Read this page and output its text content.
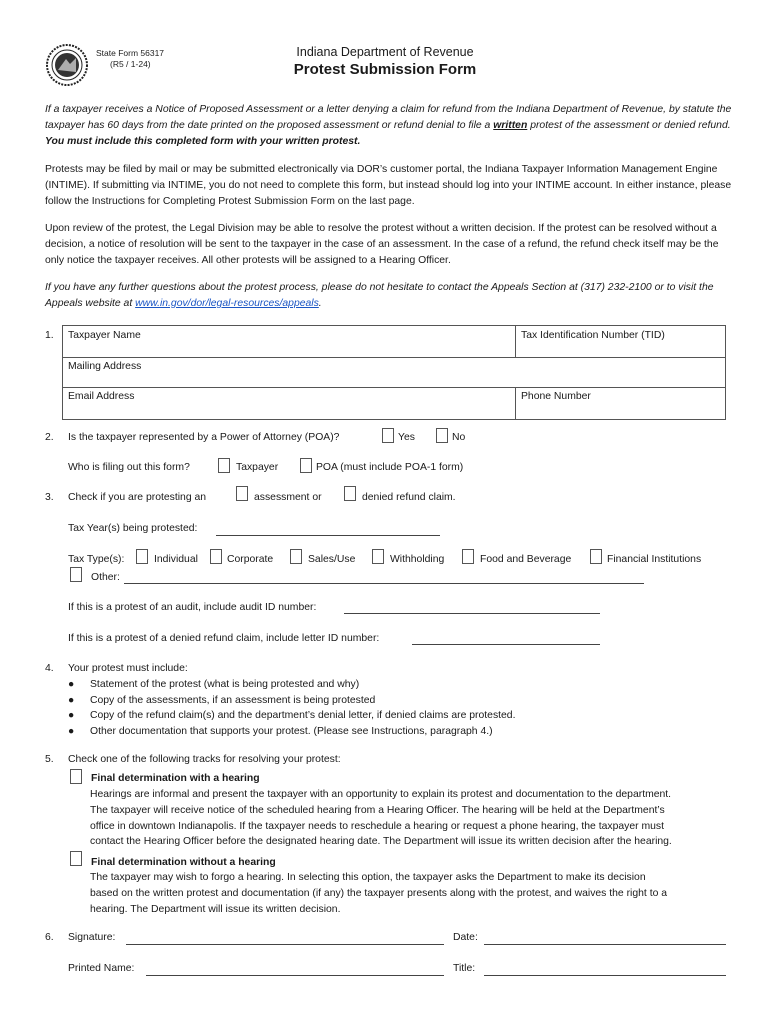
State Form 56317
(R5 / 1-24)
Indiana Department of Revenue
Protest Submission Form

If a taxpayer receives a Notice of Proposed Assessment or a letter denying a claim for refund from the Indiana Department of Revenue, by statute the taxpayer has 60 days from the date printed on the proposed assessment or refund denial to file a written protest of the assessment or denied refund. You must include this completed form with your written protest.

Protests may be filed by mail or may be submitted electronically via DOR’s customer portal, the Indiana Taxpayer Information Management Engine (INTIME). If submitting via INTIME, you do not need to complete this form, but instead should log into your INTIME account. In either instance, please follow the Instructions for Completing Protest Submission Form on the last page.

Upon review of the protest, the Legal Division may be able to resolve the protest without a written decision. If the protest can be resolved without a decision, a notice of resolution will be sent to the taxpayer in the case of an assessment. In the case of a refund, the refund check itself may be the only notice the taxpayer receives. All other protests will be assigned to a Hearing Officer.

If you have any further questions about the protest process, please do not hesitate to contact the Appeals Section at (317) 232-2100 or to visit the Appeals website at www.in.gov/dor/legal-resources/appeals.

1. Taxpayer Name	Tax Identification Number (TID)
Mailing Address
Email Address	Phone Number
2. Is the taxpayer represented by a Power of Attorney (POA)?	Yes	No
Who is filing out this form?	Taxpayer	POA (must include POA-1 form)
3. Check if you are protesting an	assessment or	denied refund claim.
Tax Year(s) being protested:
Tax Type(s):	Individual	Corporate	Sales/Use	Withholding	Food and Beverage	Financial Institutions
Other:
If this is a protest of an audit, include audit ID number:
If this is a protest of a denied refund claim, include letter ID number:
4. Your protest must include:
● Statement of the protest (what is being protested and why)
● Copy of the assessments, if an assessment is being protested
● Copy of the refund claim(s) and the department’s denial letter, if denied claims are protested.
● Other documentation that supports your protest. (Please see Instructions, paragraph 4.)
5. Check one of the following tracks for resolving your protest:
Final determination with a hearing
Hearings are informal and present the taxpayer with an opportunity to explain its protest and documentation to the department.
The taxpayer will receive notice of the scheduled hearing from a Hearing Officer. The hearing will be held at the Department’s
office in downtown Indianapolis. If the taxpayer needs to reschedule a hearing or request a phone hearing, the taxpayer must
contact the Hearing Officer before the designated hearing date. The Department will issue its written decision after the hearing.
Final determination without a hearing
The taxpayer may wish to forgo a hearing. In selecting this option, the taxpayer asks the Department to make its decision
based on the written protest and documentation (if any) the taxpayer presents along with the protest, and waives the right to a
hearing. The Department will issue its written decision.
6. Signature:	Date:
Printed Name:	Title:
